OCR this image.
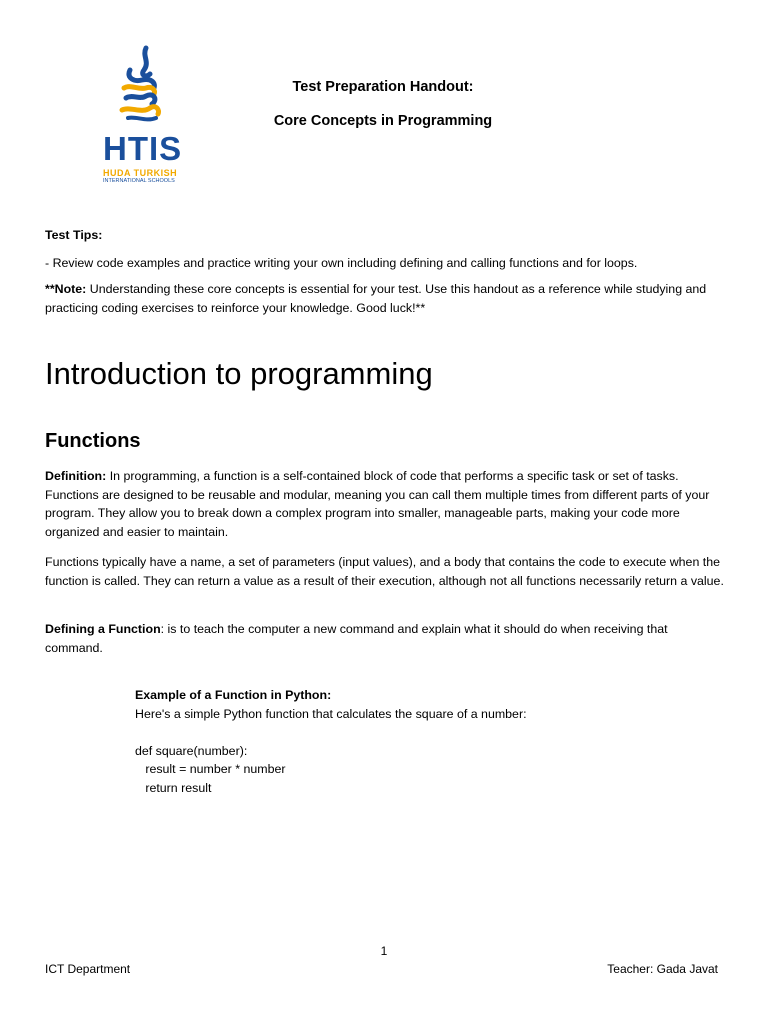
HTIS
HUDA TURKISH
INTERNATIONAL SCHOOLS
Test Preparation Handout:
Core Concepts in Programming
Test Tips:
- Review code examples and practice writing your own including defining and calling functions and for loops.
**Note: Understanding these core concepts is essential for your test. Use this handout as a reference while studying and practicing coding exercises to reinforce your knowledge. Good luck!**
Introduction to programming
Functions
Definition: In programming, a function is a self-contained block of code that performs a specific task or set of tasks. Functions are designed to be reusable and modular, meaning you can call them multiple times from different parts of your program. They allow you to break down a complex program into smaller, manageable parts, making your code more organized and easier to maintain.
Functions typically have a name, a set of parameters (input values), and a body that contains the code to execute when the function is called. They can return a value as a result of their execution, although not all functions necessarily return a value.
Defining a Function: is to teach the computer a new command and explain what it should do when receiving that command.
Example of a Function in Python:
Here's a simple Python function that calculates the square of a number:
def square(number):
result = number * number
return result
1
ICT Department	Teacher: Gada Javat
